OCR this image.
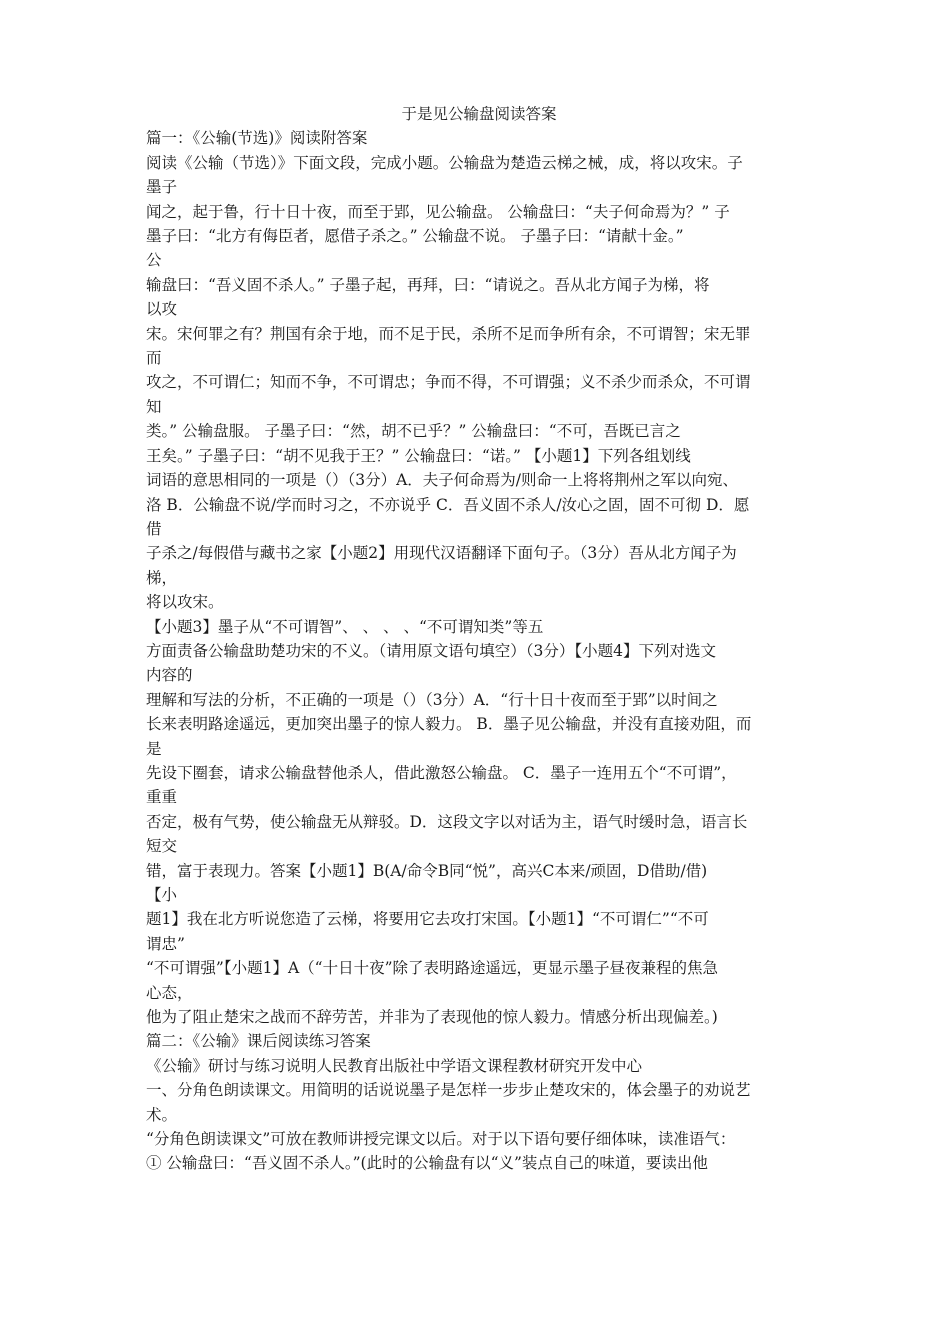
于是见公输盘阅读答案

篇一：《公输(节选)》阅读附答案

阅读《公输（节选）》下面文段，完成小题。公输盘为楚造云梯之械，成，将以攻宋。子

墨子

闻之，起于鲁，行十日十夜，而至于郢，见公输盘。 公输盘曰：“夫子何命焉为？” 子

墨子曰：“北方有侮臣者，愿借子杀之。” 公输盘不说。 子墨子曰：“请献十金。”

公

输盘曰：“吾义固不杀人。” 子墨子起，再拜，曰：“请说之。吾从北方闻子为梯，将

以攻

宋。宋何罪之有？荆国有余于地，而不足于民，杀所不足而争所有余，不可谓智；宋无罪

而

攻之，不可谓仁；知而不争，不可谓忠；争而不得，不可谓强；义不杀少而杀众，不可谓

知

类。” 公输盘服。 子墨子曰：“然，胡不已乎？” 公输盘曰：“不可，吾既已言之

王矣。” 子墨子曰：“胡不见我于王？” 公输盘曰：“诺。” 【小题1】下列各组划线

词语的意思相同的一项是（）（3分）A．夫子何命焉为/则命一上将将荆州之军以向宛、

洛 B．公输盘不说/学而时习之，不亦说乎 C．吾义固不杀人/汝心之固，固不可彻 D．愿

借

子杀之/每假借与藏书之家【小题2】用现代汉语翻译下面句子。（3分）吾从北方闻子为

梯，

将以攻宋。

【小题3】墨子从“不可谓智”、 、 、 、“不可谓知类”等五

方面责备公输盘助楚功宋的不义。（请用原文语句填空）（3分）【小题4】下列对选文

内容的

理解和写法的分析，不正确的一项是（）（3分）A．“行十日十夜而至于郢”以时间之

长来表明路途遥远，更加突出墨子的惊人毅力。 B．墨子见公输盘，并没有直接劝阻，而

是

先设下圈套，请求公输盘替他杀人，借此激怒公输盘。 C．墨子一连用五个“不可谓”，

重重

否定，极有气势，使公输盘无从辩驳。D．这段文字以对话为主，语气时缓时急，语言长

短交

错，富于表现力。答案【小题1】B(A/命令B同“悦”，高兴C本来/顽固，D借助/借)

【小

题1】我在北方听说您造了云梯，将要用它去攻打宋国。【小题1】“不可谓仁”“不可

谓忠”

“不可谓强”【小题1】A（“十日十夜”除了表明路途遥远，更显示墨子昼夜兼程的焦急

心态，

他为了阻止楚宋之战而不辞劳苦，并非为了表现他的惊人毅力。情感分析出现偏差。)

篇二：《公输》课后阅读练习答案

《公输》研讨与练习说明人民教育出版社中学语文课程教材研究开发中心

一、分角色朗读课文。用简明的话说说墨子是怎样一步步止楚攻宋的，体会墨子的劝说艺

术。

“分角色朗读课文”可放在教师讲授完课文以后。对于以下语句要仔细体味，读准语气：

① 公输盘曰：“吾义固不杀人。”(此时的公输盘有以“义”装点自己的味道，要读出他
